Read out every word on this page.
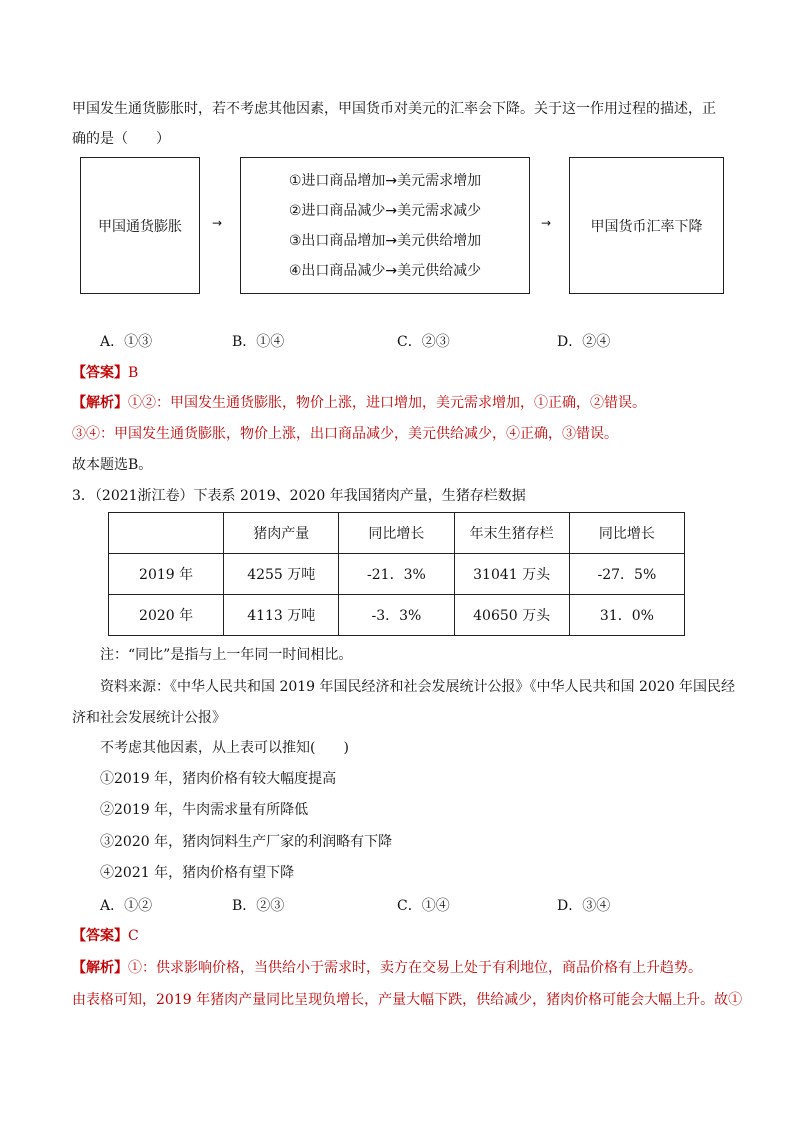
甲国发生通货膨胀时，若不考虑其他因素，甲国货币对美元的汇率会下降。关于这一作用过程的描述，正
确的是（　　）
甲国通货膨胀	→
①进口商品增加→美元需求增加
②进口商品减少→美元需求减少
③出口商品增加→美元供给增加
④出口商品减少→美元供给减少
→	甲国货币汇率下降
A．①③	B．①④	C．②③	D．②④
【答案】B
【解析】①②：甲国发生通货膨胀，物价上涨，进口增加，美元需求增加，①正确，②错误。
③④：甲国发生通货膨胀，物价上涨，出口商品减少，美元供给减少，④正确，③错误。
故本题选B。
3．（2021浙江卷）下表系 2019、2020 年我国猪肉产量，生猪存栏数据
	猪肉产量	同比增长	年末生猪存栏	同比增长
2019 年	4255 万吨	-21．3%	31041 万头	-27．5%
2020 年	4113 万吨	-3．3%	40650 万头	31．0%
注：“同比”是指与上一年同一时间相比。
资料来源：《中华人民共和国 2019 年国民经济和社会发展统计公报》《中华人民共和国 2020 年国民经
济和社会发展统计公报》
不考虑其他因素，从上表可以推知(　　)
①2019 年，猪肉价格有较大幅度提高
②2019 年，牛肉需求量有所降低
③2020 年，猪肉饲料生产厂家的利润略有下降
④2021 年，猪肉价格有望下降
A．①②	B．②③	C．①④	D．③④
【答案】C
【解析】①：供求影响价格，当供给小于需求时，卖方在交易上处于有利地位，商品价格有上升趋势。
由表格可知，2019 年猪肉产量同比呈现负增长，产量大幅下跌，供给减少，猪肉价格可能会大幅上升。故①
